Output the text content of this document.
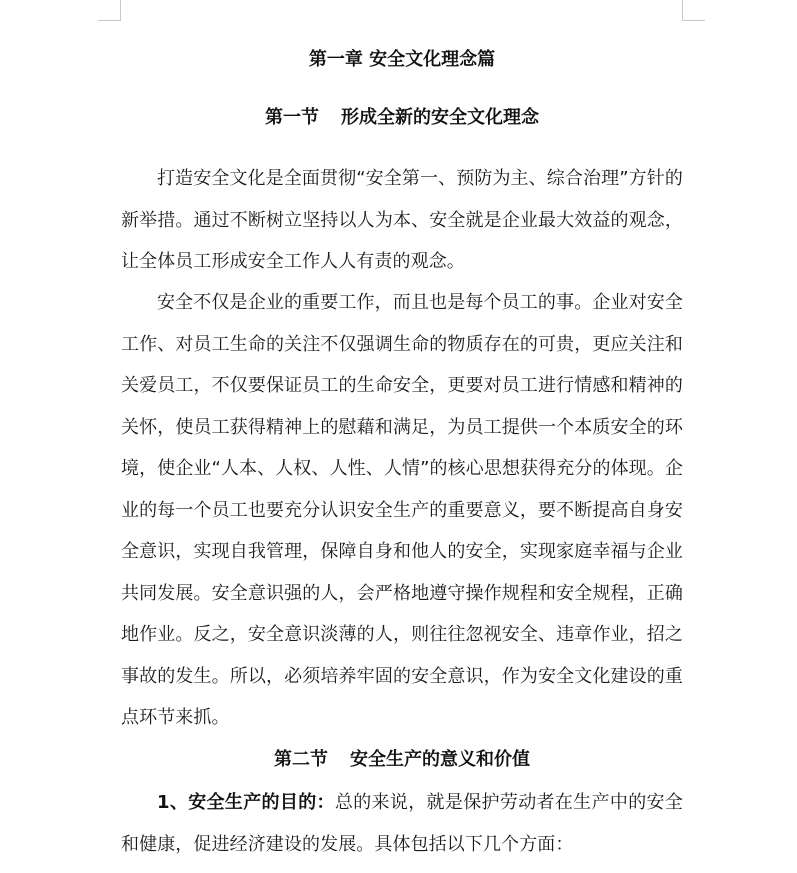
第一章 安全文化理念篇
第一节 形成全新的安全文化理念

打造安全文化是全面贯彻“安全第一、预防为主、综合治理”方针的新举措。通过不断树立坚持以人为本、安全就是企业最大效益的观念，让全体员工形成安全工作人人有责的观念。

安全不仅是企业的重要工作，而且也是每个员工的事。企业对安全工作、对员工生命的关注不仅强调生命的物质存在的可贵，更应关注和关爱员工，不仅要保证员工的生命安全，更要对员工进行情感和精神的关怀，使员工获得精神上的慰藉和满足，为员工提供一个本质安全的环境，使企业“人本、人权、人性、人情”的核心思想获得充分的体现。企业的每一个员工也要充分认识安全生产的重要意义，要不断提高自身安全意识，实现自我管理，保障自身和他人的安全，实现家庭幸福与企业共同发展。安全意识强的人，会严格地遵守操作规程和安全规程，正确地作业。反之，安全意识淡薄的人，则往往忽视安全、违章作业，招之事故的发生。所以，必须培养牢固的安全意识，作为安全文化建设的重点环节来抓。

第二节 安全生产的意义和价值

1、安全生产的目的：总的来说，就是保护劳动者在生产中的安全和健康，促进经济建设的发展。具体包括以下几个方面：
